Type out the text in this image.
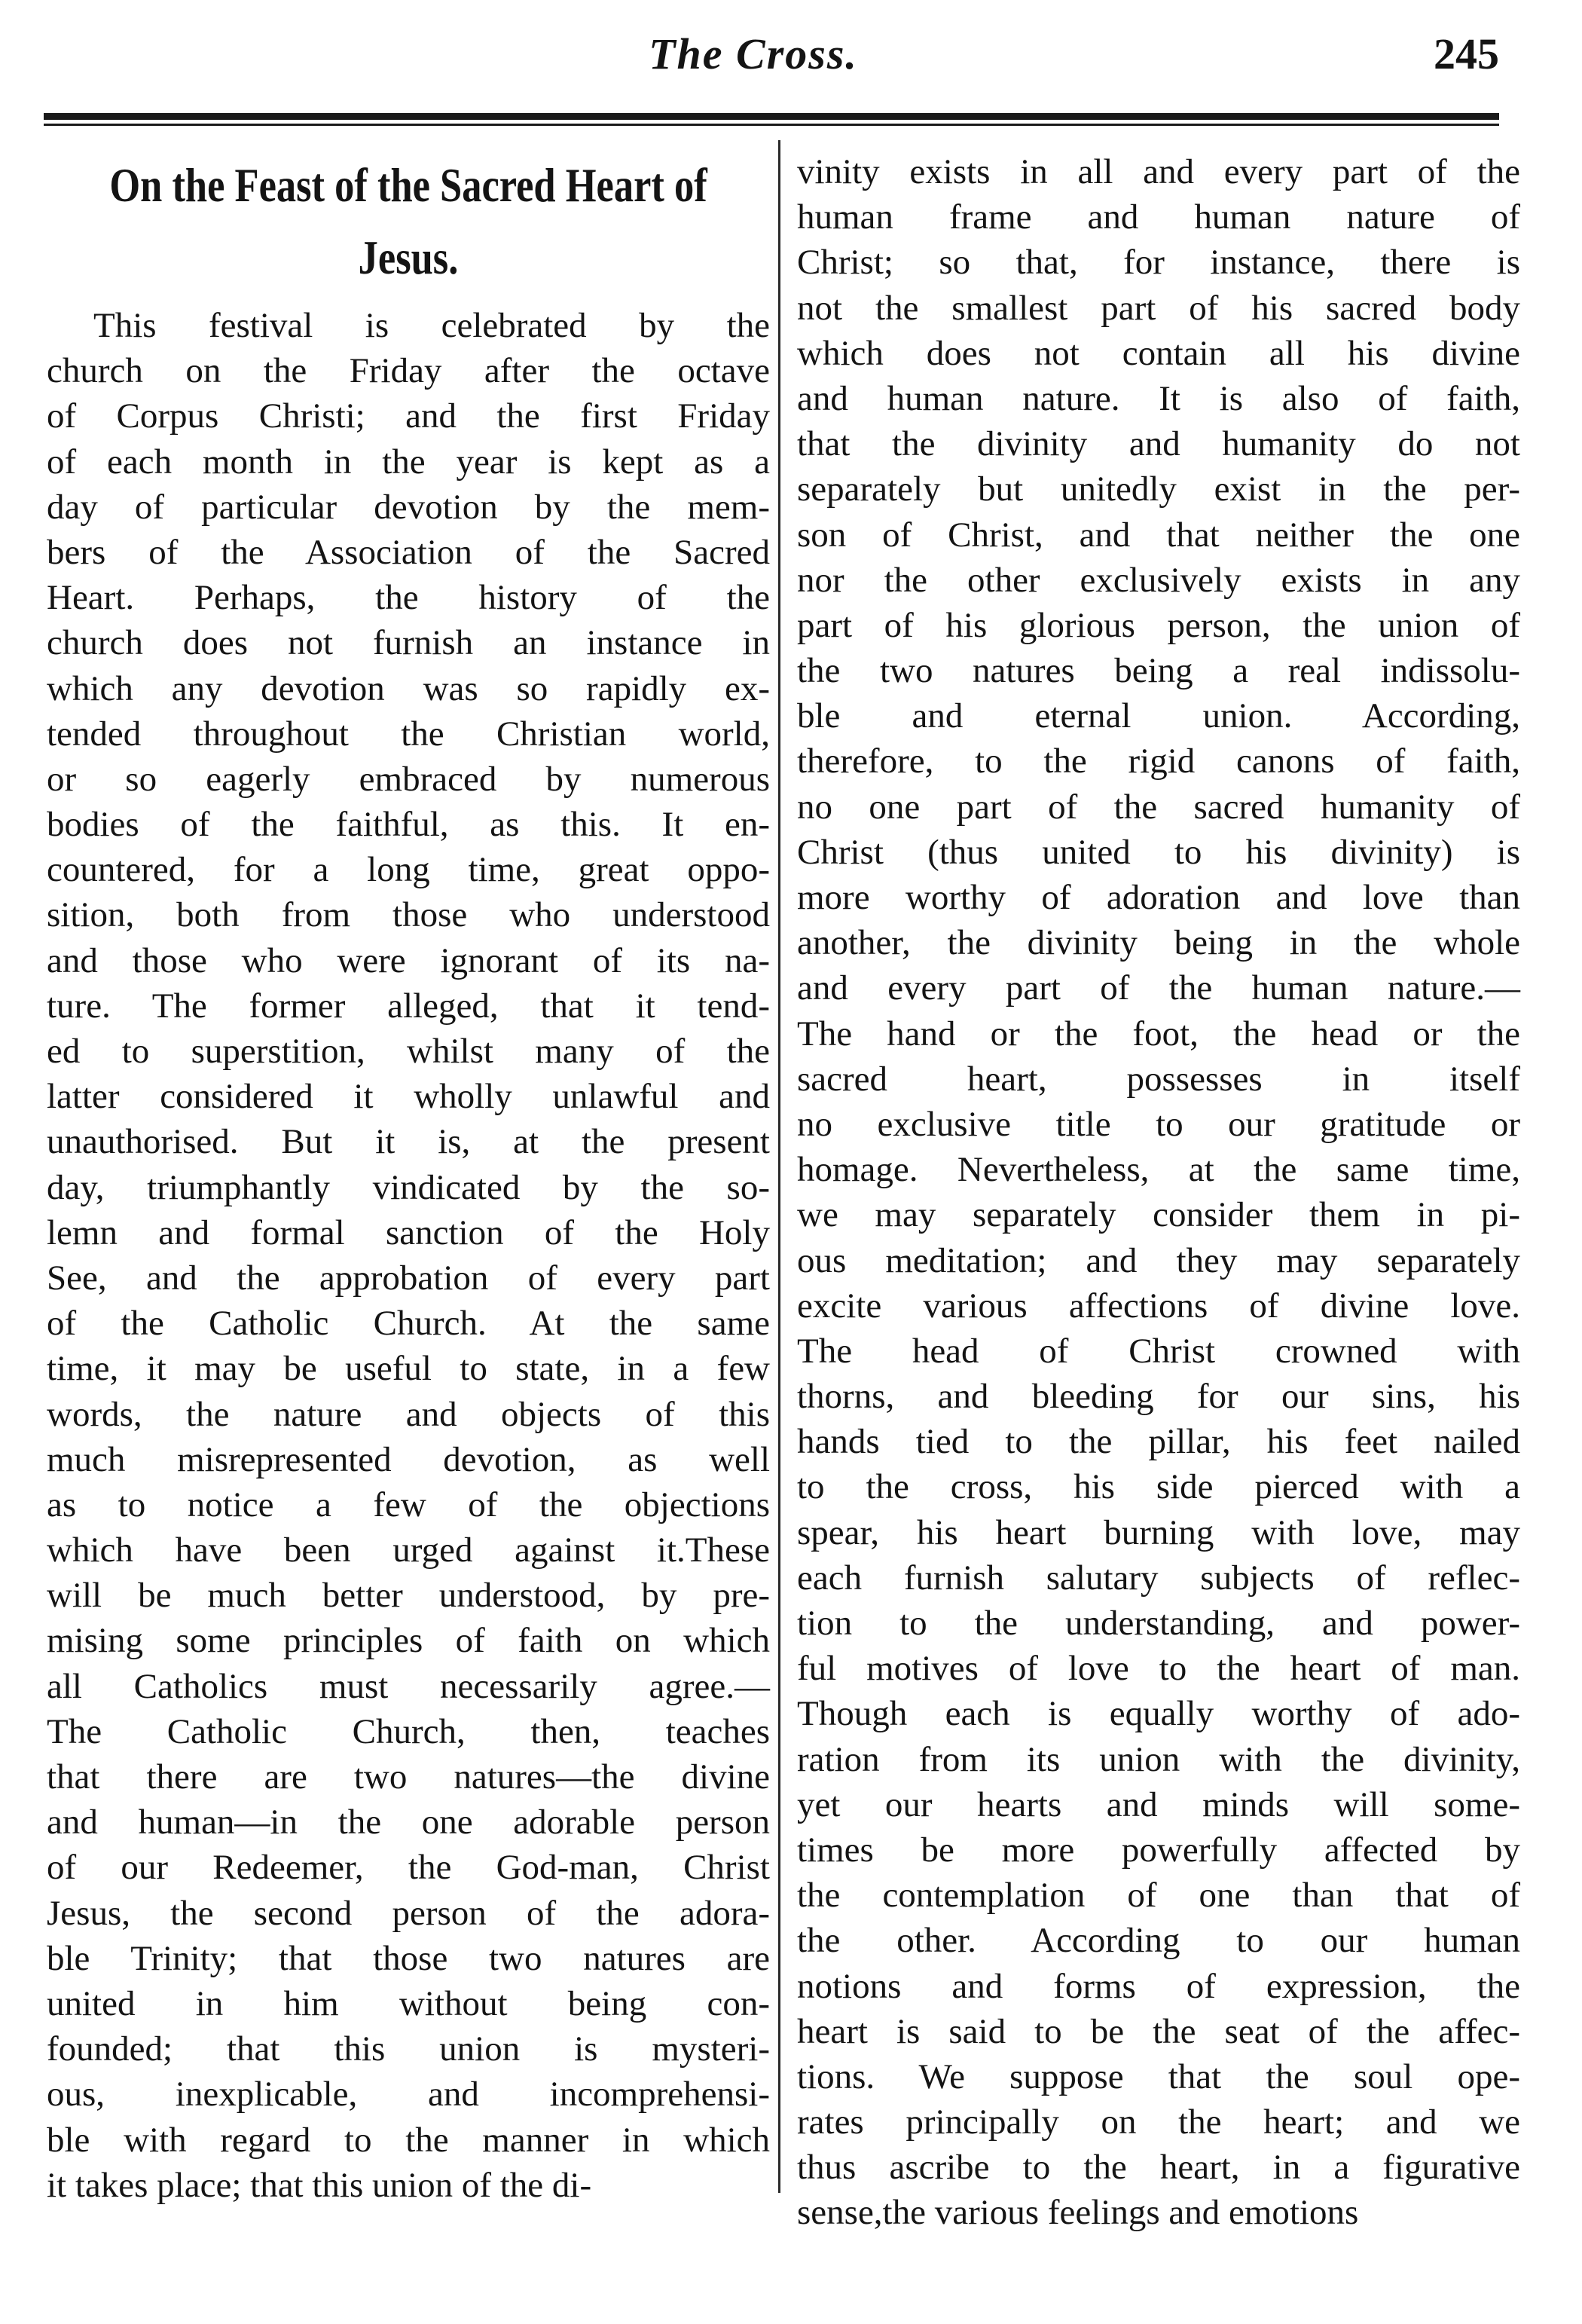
The Cross.	245
On the Feast of the Sacred Heart of
Jesus.
This festival is celebrated by the
church on the Friday after the octave
of Corpus Christi; and the first Friday
of each month in the year is kept as a
day of particular devotion by the mem-
bers of the Association of the Sacred
Heart. Perhaps, the history of the
church does not furnish an instance in
which any devotion was so rapidly ex-
tended throughout the Christian world,
or so eagerly embraced by numerous
bodies of the faithful, as this. It en-
countered, for a long time, great oppo-
sition, both from those who understood
and those who were ignorant of its na-
ture. The former alleged, that it tend-
ed to superstition, whilst many of the
latter considered it wholly unlawful and
unauthorised. But it is, at the present
day, triumphantly vindicated by the so-
lemn and formal sanction of the Holy
See, and the approbation of every part
of the Catholic Church. At the same
time, it may be useful to state, in a few
words, the nature and objects of this
much misrepresented devotion, as well
as to notice a few of the objections
which have been urged against it.These
will be much better understood, by pre-
mising some principles of faith on which
all Catholics must necessarily agree.—
The Catholic Church, then, teaches
that there are two natures—the divine
and human—in the one adorable person
of our Redeemer, the God-man, Christ
Jesus, the second person of the adora-
ble Trinity; that those two natures are
united in him without being con-
founded; that this union is mysteri-
ous, inexplicable, and incomprehensi-
ble with regard to the manner in which
it takes place; that this union of the di-
vinity exists in all and every part of the
human frame and human nature of
Christ; so that, for instance, there is
not the smallest part of his sacred body
which does not contain all his divine
and human nature. It is also of faith,
that the divinity and humanity do not
separately but unitedly exist in the per-
son of Christ, and that neither the one
nor the other exclusively exists in any
part of his glorious person, the union of
the two natures being a real indissolu-
ble and eternal union. According,
therefore, to the rigid canons of faith,
no one part of the sacred humanity of
Christ (thus united to his divinity) is
more worthy of adoration and love than
another, the divinity being in the whole
and every part of the human nature.—
The hand or the foot, the head or the
sacred heart, possesses in itself
no exclusive title to our gratitude or
homage. Nevertheless, at the same time,
we may separately consider them in pi-
ous meditation; and they may separately
excite various affections of divine love.
The head of Christ crowned with
thorns, and bleeding for our sins, his
hands tied to the pillar, his feet nailed
to the cross, his side pierced with a
spear, his heart burning with love, may
each furnish salutary subjects of reflec-
tion to the understanding, and power-
ful motives of love to the heart of man.
Though each is equally worthy of ado-
ration from its union with the divinity,
yet our hearts and minds will some-
times be more powerfully affected by
the contemplation of one than that of
the other. According to our human
notions and forms of expression, the
heart is said to be the seat of the affec-
tions. We suppose that the soul ope-
rates principally on the heart; and we
thus ascribe to the heart, in a figurative
sense,the various feelings and emotions
